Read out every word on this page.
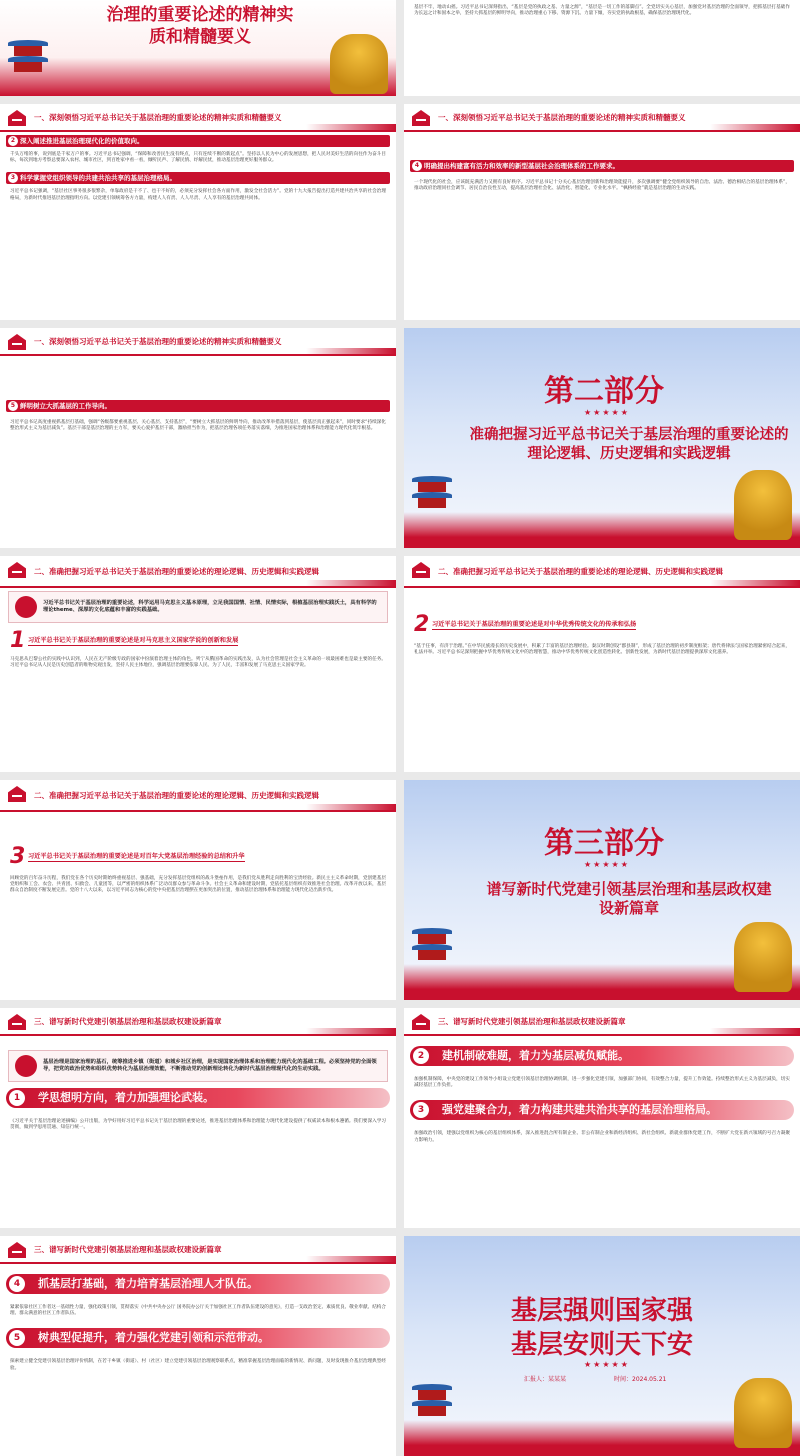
治理的重要论述的精神实质和精髓要义
基层不牢，地动山摇。习近平总书记深刻指出，“基层是党的执政之基、力量之源”，“基层是一切工作的落脚点”。全党切实关心基层，加强党对基层治理的全面领导，把抓基层打基础作为长远之计和固本之举，坚持大抓基层的鲜明导向，推动治理重心下移、资源下沉、力量下倾，夯实党的执政根基，确保基层治理现代化。
一、深刻领悟习近平总书记关于基层治理的重要论述的精神实质和精髓要义
2 深入阐述推进基层治理现代化的价值取向。
千头万绪的事，说到底是千家万户的事。习近平总书记强调，“保障和改善民生没有终点，只有连续不断的新起点”。坚持以人民为中心的发展思想，把人民对美好生活的向往作为奋斗目标，每次到地方考察总要深入农村、城市社区，到百姓家中看一看，倾听民声、了解民情、纾解民忧，推动基层治理更好服务群众。
3 科学掌握党组织领导的共建共治共享的基层治理格局。
习近平总书记强调，“基层社区事务很多很繁杂，单靠政府是干不了、也干不好的，必须充分发挥社会各方面作用，激发全社会活力”。党的十九大报告提出打造共建共治共享的社会治理格局，为新时代推进基层治理指明方向。以党建引领统筹各方力量，构建人人有责、人人尽责、人人享有的基层治理共同体。
一、深刻领悟习近平总书记关于基层治理的重要论述的精神实质和精髓要义
4 明确提出构建富有活力和效率的新型基层社会治理体系的工作要求。
一个现代化的社会，应该既充满活力又拥有良好秩序。习近平总书记十分关心基层治理创新和治理效能提升，多次强调要“健全党组织领导的自治、法治、德治相结合的基层治理体系”，推动政府治理同社会调节、居民自治良性互动，提高基层治理社会化、法治化、智能化、专业化水平。“枫桥经验”就是基层治理的生动实践。
一、深刻领悟习近平总书记关于基层治理的重要论述的精神实质和精髓要义
5 鲜明树立大抓基层的工作导向。
习近平总书记高度重视抓基层打基础，强调“各级都要重视基层、关心基层、支持基层”，“要树立大抓基层的鲜明导向，推动改革举措落到基层，使基层真正强起来”，同时要求“持续深化整治形式主义为基层减负”。基层干部是基层治理的主力军，要关心爱护基层干部，激励担当作为，把基层治理各项任务落实落细，为推进国家治理体系和治理能力现代化筑牢根基。
第二部分
★★★★★
准确把握习近平总书记关于基层治理的重要论述的理论逻辑、历史逻辑和实践逻辑
二、准确把握习近平总书记关于基层治理的重要论述的理论逻辑、历史逻辑和实践逻辑
习近平总书记关于基层治理的重要论述，科学运用马克思主义基本原理，立足我国国情、社情、民情实际，根植基层治理实践沃土，具有科学的理论theme、深厚的文化底蕴和丰富的实践基础。
1 习近平总书记关于基层治理的重要论述是对马克思主义国家学说的创新和发展
马克思从巴黎公社的实践中认识到，人民在无产阶级专政的国家中扮演着治理主体的角色。列宁从俄国革命的实践出发，认为社会管理是社会主义革命的一项最困难也是最主要的任务。习近平总书记从人民是历史创造者的唯物史观出发，坚持人民主体地位，强调基层治理要依靠人民、为了人民，丰富和发展了马克思主义国家学说。
二、准确把握习近平总书记关于基层治理的重要论述的理论逻辑、历史逻辑和实践逻辑
2 习近平总书记关于基层治理的重要论述是对中华优秀传统文化的传承和弘扬
“基于任事，有济于治理。”在中华民族漫长的历史发展中，积累了丰富的基层治理经验。秦汉时期创设“郡县制”，形成了基层治理的初步制度框架；唐代将律法与国家治理紧密结合起来，礼法并举。习近平总书记深刻把握中华优秀传统文化中的治理智慧，推动中华优秀传统文化创造性转化、创新性发展，为新时代基层治理提供深厚文化滋养。
二、准确把握习近平总书记关于基层治理的重要论述的理论逻辑、历史逻辑和实践逻辑
3 习近平总书记关于基层治理的重要论述是对百年大党基层治理经验的总结和升华
回顾党的百年奋斗历程，我们党在各个历史时期始终重视基层、强基础，充分发挥基层党组织的战斗堡垒作用，是我们党从胜利走向胜利的宝贵经验。新民主主义革命时期，党创建基层党组织和工会、农会、共青团、妇救会、儿童团等，以严密的组织体系广泛动员群众参与革命斗争。社会主义革命和建设时期，党依托基层组织有效推进社会治理。改革开放以来，基层群众自治制度不断发展完善。党的十八大以来，以习近平同志为核心的党中央把基层治理摆在更加突出的位置，推动基层治理体系和治理能力现代化迈出新步伐。
第三部分
★★★★★
谱写新时代党建引领基层治理和基层政权建设新篇章
三、谱写新时代党建引领基层治理和基层政权建设新篇章
基层治理是国家治理的基石，统筹推进乡镇（街道）和城乡社区治理，是实现国家治理体系和治理能力现代化的基础工程。必须坚持党的全面领导，把党的政治优势和组织优势转化为基层治理效能，不断推动党的创新理论转化为新时代基层治理现代化的生动实践。
1	学思想明方向，着力加强理论武装。
《习近平关于基层治理论述摘编》公开出版，为学好用好习近平总书记关于基层治理的重要论述，推进基层治理体系和治理能力现代化建设提供了权威读本和根本遵循。我们要深入学习贯彻，做到学思用贯通、知信行统一。
三、谱写新时代党建引领基层治理和基层政权建设新篇章
2	建机制破难题，着力为基层减负赋能。
加强机制保障，中央党的建设工作领导小组设立党建引领基层治理协调机制，进一步强化党建引领，加强部门协同，有效整合力量，提升工作效能。持续整治形式主义为基层减负，切实减轻基层工作负担。
3	强党建聚合力，着力构建共建共治共享的基层治理格局。
加强政治引领，建强以党组织为核心的基层组织体系，深入推进混合所有制企业、非公有制企业和新经济组织、新社会组织、新就业群体党建工作，不断扩大党在新兴领域的号召力凝聚力影响力。
三、谱写新时代党建引领基层治理和基层政权建设新篇章
4	抓基层打基础，着力培育基层治理人才队伍。
紧紧依靠社区工作者这一基础性力量，强化政策引领，贯彻落实《中共中央办公厅 国务院办公厅关于加强社区工作者队伍建设的意见》，打造一支政治坚定、素质优良、敬业奉献、结构合理、群众满意的社区工作者队伍。
5	树典型促提升，着力强化党建引领和示范带动。
探索建立健全党建引领基层治理评价机制，在若干乡镇（街道）、村（社区）建立党建引领基层治理观察联系点，精准掌握基层治理面临的新情况、新问题，及时发现推介基层治理典型经验。
基层强则国家强
基层安则天下安
★★★★★
汇报人：某某某	时间：2024.05.21
